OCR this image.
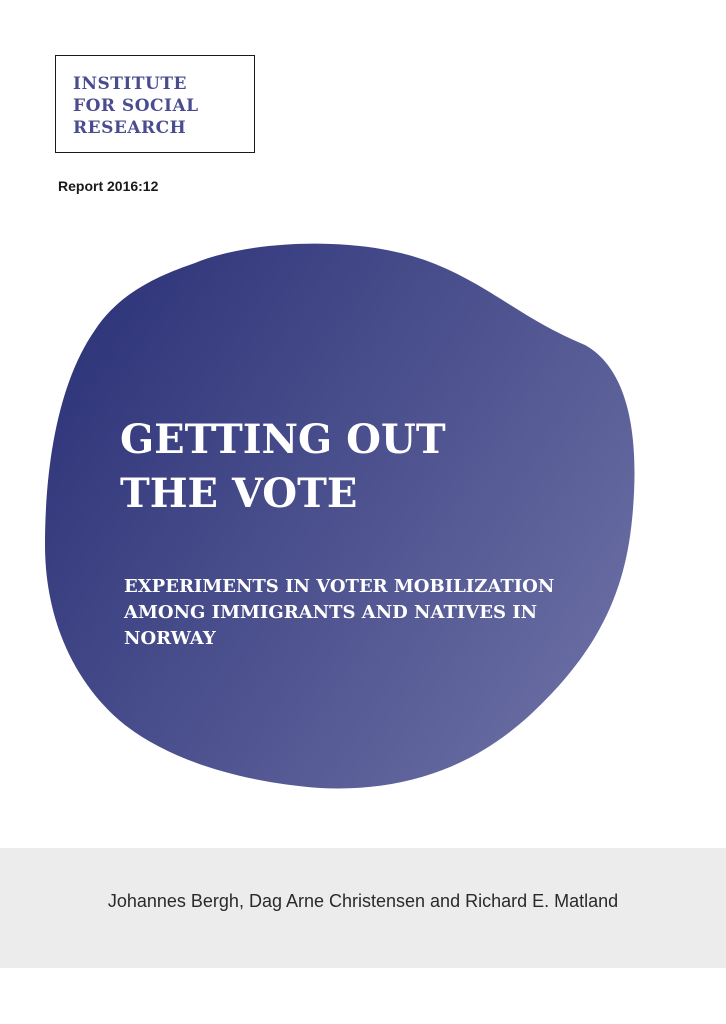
INSTITUTE
FOR SOCIAL
RESEARCH

Report 2016:12
GETTING OUT
THE VOTE
EXPERIMENTS IN VOTER MOBILIZATION
AMONG IMMIGRANTS AND NATIVES IN
NORWAY
Johannes Bergh, Dag Arne Christensen and Richard E. Matland
